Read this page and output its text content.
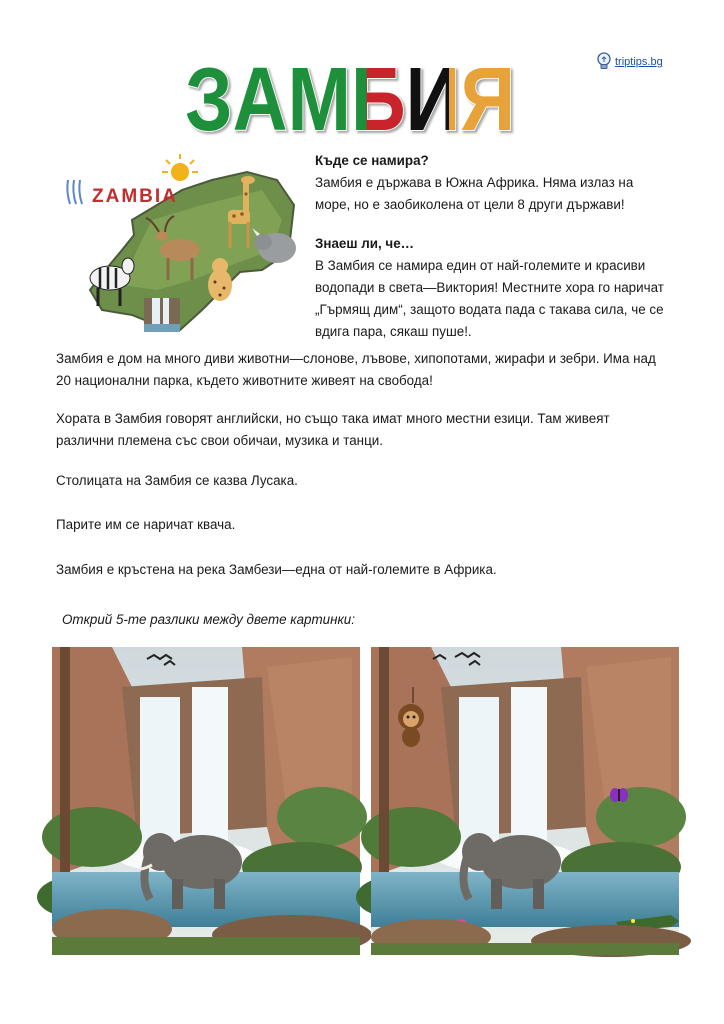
ЗАМБИЯ	triptips.bg
ZAMBIA
Къде се намира?

Замбия е държава в Южна Африка. Няма излаз на море, но е заобиколена от цели 8 други държави!

Знаеш ли, че…

В Замбия се намира един от най-големите и красиви водопади в света—Виктория! Местните хора го наричат „Гърмящ дим“, защото водата пада с такава сила, че се вдига пара, сякаш пуше!.

Замбия е дом на много диви животни—слонове, лъвове, хипопотами, жирафи и зебри. Има над 20 национални парка, където животните живеят на свобода!

Хората в Замбия говорят английски, но също така имат много местни езици. Там живеят различни племена със свои обичаи, музика и танци.

Столицата на Замбия се казва Лусака.

Парите им се наричат квача.

Замбия е кръстена на река Замбези—една от най-големите в Африка.

Открий 5-те разлики между двете картинки:
